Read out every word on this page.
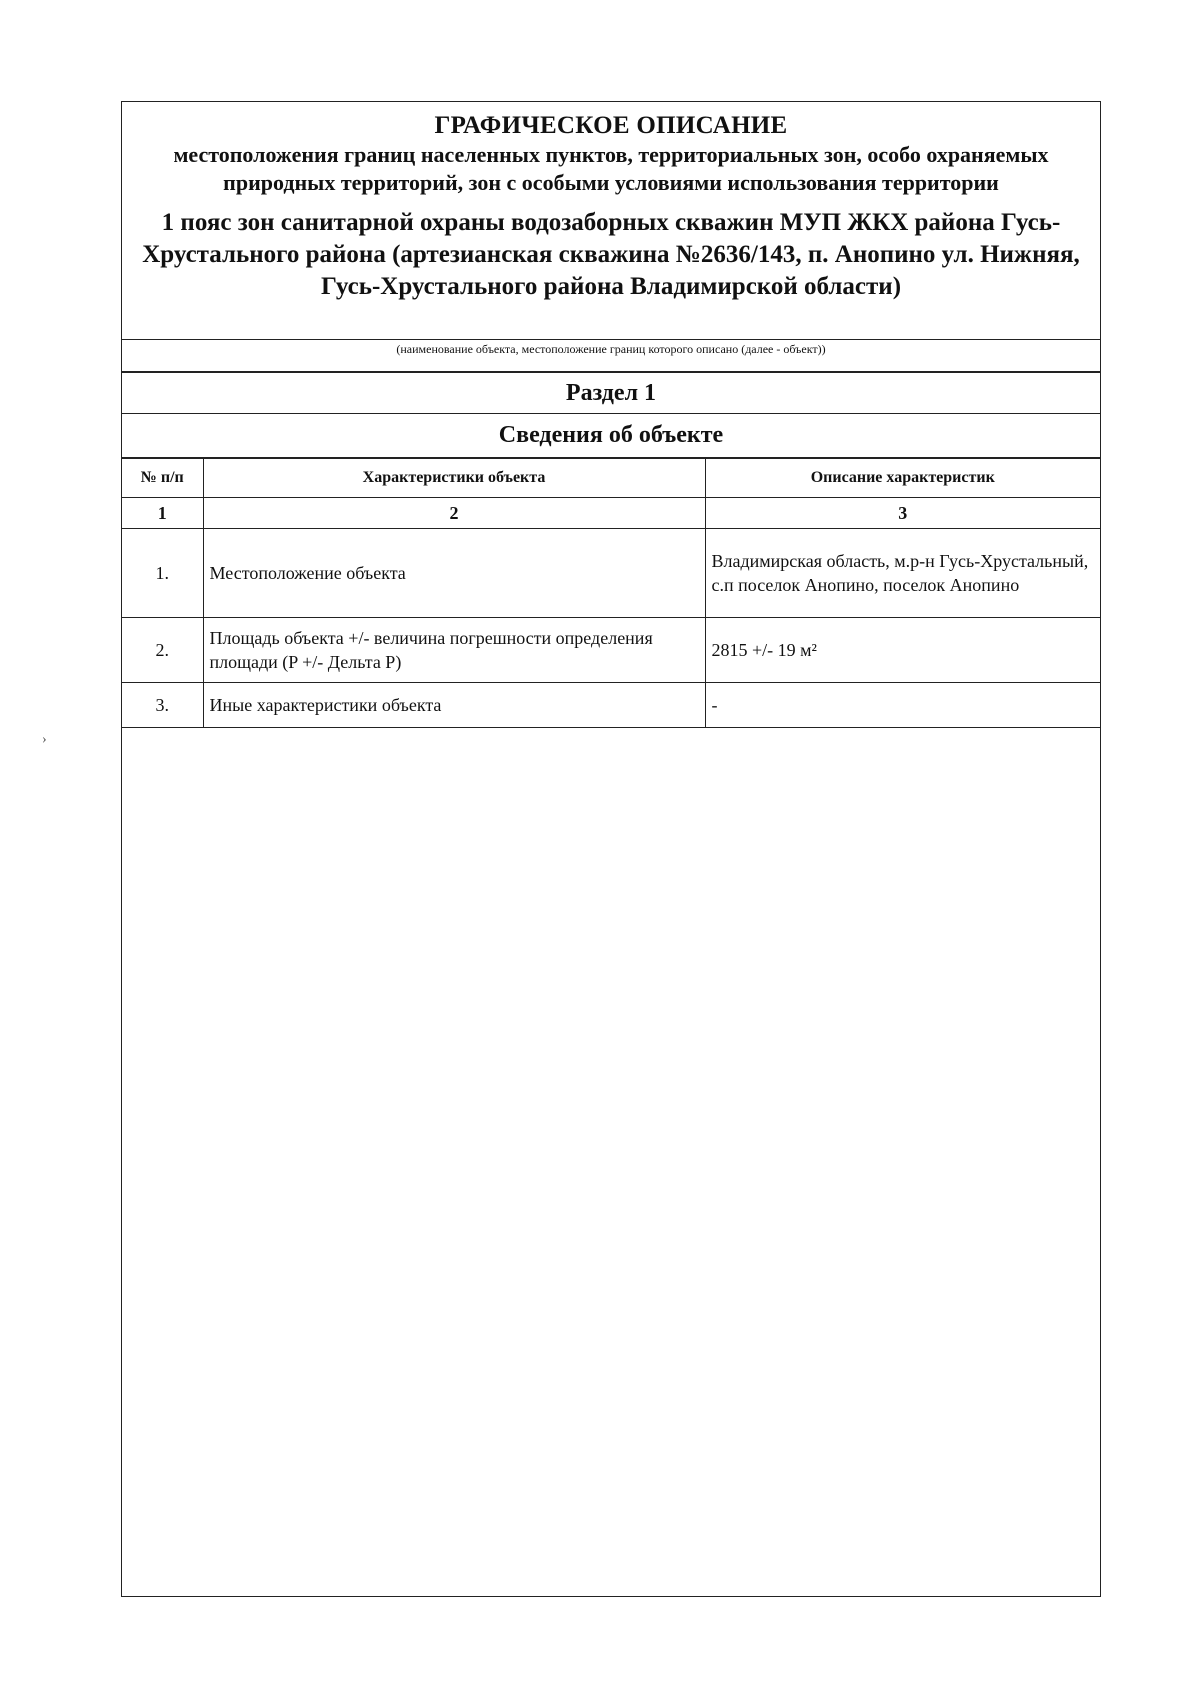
ГРАФИЧЕСКОЕ ОПИСАНИЕ
местоположения границ населенных пунктов, территориальных зон, особо охраняемых природных территорий, зон с особыми условиями использования территории
1 пояс зон санитарной охраны водозаборных скважин МУП ЖКХ района Гусь-Хрустального района (артезианская скважина №2636/143, п. Анопино ул. Нижняя, Гусь-Хрустального района Владимирской области)
(наименование объекта, местоположение границ которого описано (далее - объект))
Раздел 1
Сведения об объекте
№ п/п	Характеристики объекта	Описание характеристик
1	2	3
1.	Местоположение объекта	Владимирская область, м.р-н Гусь-Хрустальный, с.п поселок Анопино, поселок Анопино
2.	Площадь объекта +/- величина погрешности определения площади (P +/- Дельта P)	2815 +/- 19 м²
3.	Иные характеристики объекта	-
›
